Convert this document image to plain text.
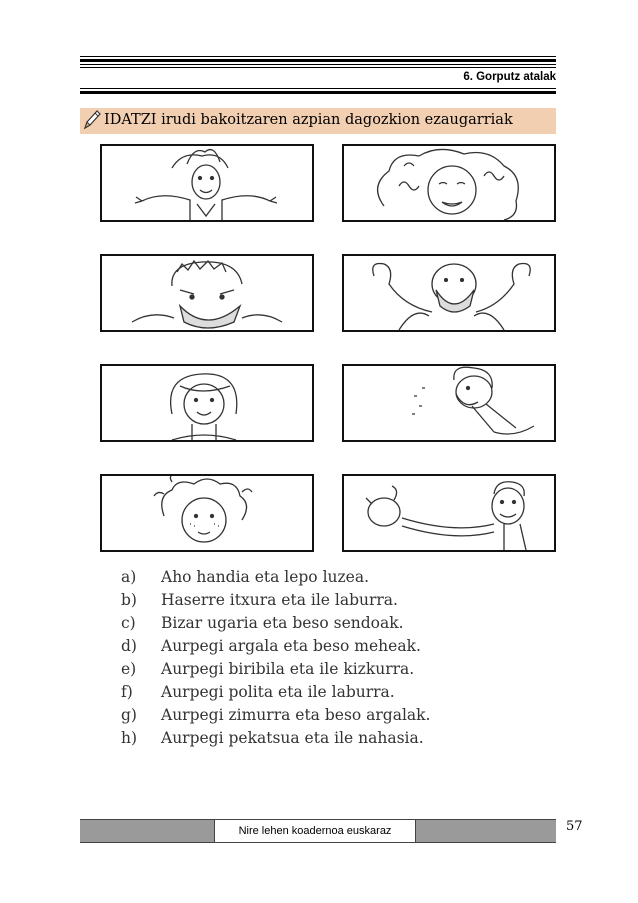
6. Gorputz atalak
IDATZI irudi bakoitzaren azpian dagozkion ezaugarriak
a) Aho handia eta lepo luzea.
b) Haserre itxura eta ile laburra.
c) Bizar ugaria eta beso sendoak.
d) Aurpegi argala eta beso meheak.
e) Aurpegi biribila eta ile kizkurra.
f) Aurpegi polita eta ile laburra.
g) Aurpegi zimurra eta beso argalak.
h) Aurpegi pekatsua eta ile nahasia.
Nire lehen koadernoa euskaraz	57
